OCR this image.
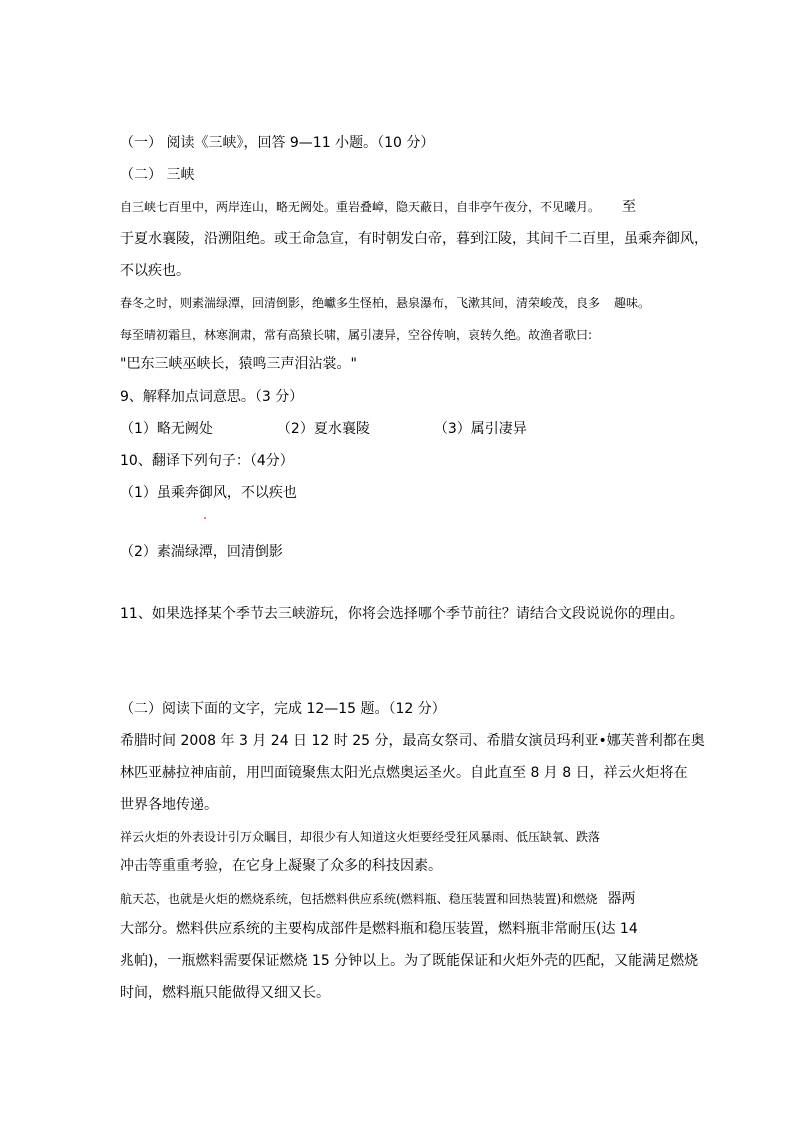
（一） 阅读《三峡》，回答 9—11 小题。（10 分）
（二） 三峡
自三峡七百里中，两岸连山，略无阙处。重岩叠嶂，隐天蔽日，自非亭午夜分，不见曦月。 至
于夏水襄陵，沿溯阻绝。或王命急宣，有时朝发白帝，暮到江陵，其间千二百里，虽乘奔御风，
不以疾也。
春冬之时，则素湍绿潭，回清倒影，绝巘多生怪柏，悬泉瀑布，飞漱其间，清荣峻茂，良多 趣味。
每至晴初霜旦，林寒涧肃，常有高猿长啸，属引凄异，空谷传响，哀转久绝。故渔者歌曰:
"巴东三峡巫峡长，猿鸣三声泪沾裳。"
9、解释加点词意思。（3 分）
（1）略无阙处	（2）夏水襄陵	（3）属引凄异
10、翻译下列句子：（4分）
（1）虽乘奔御风，不以疾也
（2）素湍绿潭，回清倒影
11、如果选择某个季节去三峡游玩，你将会选择哪个季节前往？请结合文段说说你的理由。
（二）阅读下面的文字，完成 12—15 题。（12 分）
希腊时间 2008 年 3 月 24 日 12 时 25 分，最高女祭司、希腊女演员玛利亚•娜芙普利都在奥
林匹亚赫拉神庙前，用凹面镜聚焦太阳光点燃奥运圣火。自此直至 8 月 8 日，祥云火炬将在
世界各地传递。
祥云火炬的外表设计引万众瞩目，却很少有人知道这火炬要经受狂风暴雨、低压缺氧、跌落
冲击等重重考验，在它身上凝聚了众多的科技因素。
航天芯，也就是火炬的燃烧系统，包括燃料供应系统(燃料瓶、稳压装置和回热装置)和燃烧 器两
大部分。燃料供应系统的主要构成部件是燃料瓶和稳压装置，燃料瓶非常耐压(达 14
兆帕)，一瓶燃料需要保证燃烧 15 分钟以上。为了既能保证和火炬外壳的匹配，又能满足燃烧
时间，燃料瓶只能做得又细又长。
